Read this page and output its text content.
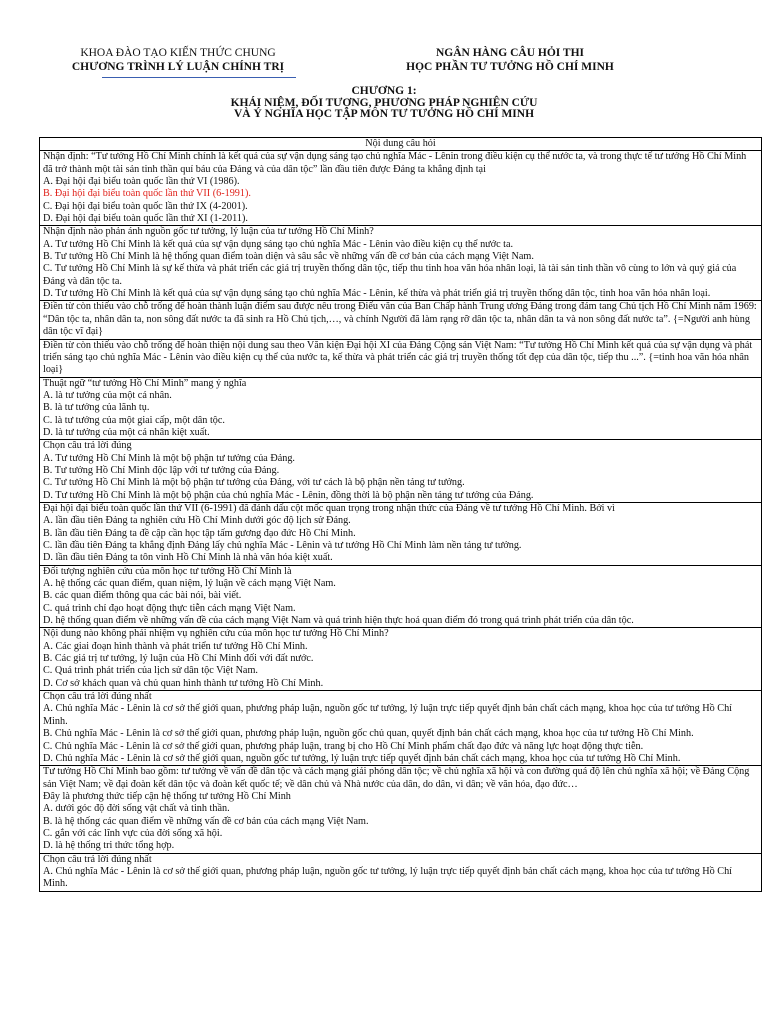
KHOA ĐÀO TẠO KIẾN THỨC CHUNG
CHƯƠNG TRÌNH LÝ LUẬN CHÍNH TRỊ
NGÂN HÀNG CÂU HỎI THI
HỌC PHẦN TƯ TƯỞNG HỒ CHÍ MINH
CHƯƠNG 1:
KHÁI NIỆM, ĐỐI TƯỢNG, PHƯƠNG PHÁP NGHIÊN CỨU
VÀ Ý NGHĨA HỌC TẬP MÔN TƯ TƯỞNG HỒ CHÍ MINH
Nội dung câu hỏi

Nhận định: “Tư tưởng Hồ Chí Minh chính là kết quả của sự vận dụng sáng tạo chủ nghĩa Mác - Lênin trong điều kiện cụ thể nước ta, và trong thực tế tư tưởng Hồ Chí Minh đã trở thành một tài sản tinh thần quí báu của Đảng và của dân tộc” lần đầu tiên được Đảng ta khẳng định tại
A. Đại hội đại biểu toàn quốc lần thứ VI (1986).
B. Đại hội đại biểu toàn quốc lần thứ VII (6-1991).
C. Đại hội đại biểu toàn quốc lần thứ IX (4-2001).
D. Đại hội đại biểu toàn quốc lần thứ XI (1-2011).

Nhận định nào phản ánh nguồn gốc tư tưởng, lý luận của tư tưởng Hồ Chí Minh?
A. Tư tưởng Hồ Chí Minh là kết quả của sự vận dụng sáng tạo chủ nghĩa Mác - Lênin vào điều kiện cụ thể nước ta.
B. Tư tưởng Hồ Chí Minh là hệ thống quan điểm toàn diện và sâu sắc về những vấn đề cơ bản của cách mạng Việt Nam.
C. Tư tưởng Hồ Chí Minh là sự kế thừa và phát triển các giá trị truyền thống dân tộc, tiếp thu tinh hoa văn hóa nhân loại, là tài sản tinh thần vô cùng to lớn và quý giá của Đảng và dân tộc ta.
D. Tư tưởng Hồ Chí Minh là kết quả của sự vận dụng sáng tạo chủ nghĩa Mác - Lênin, kế thừa và phát triển giá trị truyền thống dân tộc, tinh hoa văn hóa nhân loại.

Điền từ còn thiếu vào chỗ trống để hoàn thành luận điểm sau được nêu trong Điếu văn của Ban Chấp hành Trung ương Đảng trong đám tang Chủ tịch Hồ Chí Minh năm 1969: “Dân tộc ta, nhân dân ta, non sông đất nước ta đã sinh ra Hồ Chủ tịch,…, và chính Người đã làm rạng rỡ dân tộc ta, nhân dân ta và non sông đất nước ta”. {=Người anh hùng dân tộc vĩ đại}

Điền từ còn thiếu vào chỗ trống để hoàn thiện nội dung sau theo Văn kiện Đại hội XI của Đảng Cộng sản Việt Nam: “Tư tưởng Hồ Chí Minh kết quả của sự vận dụng và phát triển sáng tạo chủ nghĩa Mác - Lênin vào điều kiện cụ thể của nước ta, kế thừa và phát triển các giá trị truyền thống tốt đẹp của dân tộc, tiếp thu ...”. {=tinh hoa văn hóa nhân loại}

Thuật ngữ “tư tưởng Hồ Chí Minh” mang ý nghĩa
A. là tư tưởng của một cá nhân.
B. là tư tưởng của lãnh tụ.
C. là tư tưởng của một giai cấp, một dân tộc.
D. là tư tưởng của một cá nhân kiệt xuất.

Chọn câu trả lời đúng
A. Tư tưởng Hồ Chí Minh là một bộ phận tư tưởng của Đảng.
B. Tư tưởng Hồ Chí Minh độc lập với tư tưởng của Đảng.
C. Tư tưởng Hồ Chí Minh là một bộ phận tư tưởng của Đảng, với tư cách là bộ phận nền tảng tư tưởng.
D. Tư tưởng Hồ Chí Minh là một bộ phận của chủ nghĩa Mác - Lênin, đồng thời là bộ phận nền tảng tư tưởng của Đảng.

Đại hội đại biểu toàn quốc lần thứ VII (6-1991) đã đánh dấu cột mốc quan trọng trong nhận thức của Đảng về tư tưởng Hồ Chí Minh. Bởi vì
A. lần đầu tiên Đảng ta nghiên cứu Hồ Chí Minh dưới góc độ lịch sử Đảng.
B. lần đầu tiên Đảng ta đề cập cần học tập tấm gương đạo đức Hồ Chí Minh.
C. lần đầu tiên Đảng ta khẳng định Đảng lấy chủ nghĩa Mác - Lênin và tư tưởng Hồ Chí Minh làm nền tảng tư tưởng.
D. lần đầu tiên Đảng ta tôn vinh Hồ Chí Minh là nhà văn hóa kiệt xuất.

Đối tượng nghiên cứu của môn học tư tưởng Hồ Chí Minh là
A. hệ thống các quan điểm, quan niệm, lý luận về cách mạng Việt Nam.
B. các quan điểm thông qua các bài nói, bài viết.
C. quá trình chỉ đạo hoạt động thực tiễn cách mạng Việt Nam.
D. hệ thống quan điểm về những vấn đề của cách mạng Việt Nam và quá trình hiện thực hoá quan điểm đó trong quá trình phát triển của dân tộc.

Nội dung nào không phải nhiệm vụ nghiên cứu của môn học tư tưởng Hồ Chí Minh?
A. Các giai đoạn hình thành và phát triển tư tưởng Hồ Chí Minh.
B. Các giá trị tư tưởng, lý luận của Hồ Chí Minh đối với đất nước.
C. Quá trình phát triển của lịch sử dân tộc Việt Nam.
D. Cơ sở khách quan và chủ quan hình thành tư tưởng Hồ Chí Minh.

Chọn câu trả lời đúng nhất
A. Chủ nghĩa Mác - Lênin là cơ sở thế giới quan, phương pháp luận, nguồn gốc tư tưởng, lý luận trực tiếp quyết định bản chất cách mạng, khoa học của tư tưởng Hồ Chí Minh.
B. Chủ nghĩa Mác - Lênin là cơ sở thế giới quan, phương pháp luận, nguồn gốc chủ quan, quyết định bản chất cách mạng, khoa học của tư tưởng Hồ Chí Minh.
C. Chủ nghĩa Mác - Lênin là cơ sở thế giới quan, phương pháp luận, trang bị cho Hồ Chí Minh phẩm chất đạo đức và năng lực hoạt động thực tiễn.
D. Chủ nghĩa Mác - Lênin là cơ sở thế giới quan, nguồn gốc tư tưởng, lý luận trực tiếp quyết định bản chất cách mạng, khoa học của tư tưởng Hồ Chí Minh.

Tư tưởng Hồ Chí Minh bao gồm: tư tưởng về vấn đề dân tộc và cách mạng giải phóng dân tộc; về chủ nghĩa xã hội và con đường quá độ lên chủ nghĩa xã hội; về Đảng Cộng sản Việt Nam; về đại đoàn kết dân tộc và đoàn kết quốc tế; về dân chủ và Nhà nước của dân, do dân, vì dân; về văn hóa, đạo đức…
Đây là phương thức tiếp cận hệ thống tư tưởng Hồ Chí Minh
A. dưới góc độ đời sống vật chất và tinh thần.
B. là hệ thống các quan điểm về những vấn đề cơ bản của cách mạng Việt Nam.
C. gắn với các lĩnh vực của đời sống xã hội.
D. là hệ thống tri thức tổng hợp.

Chọn câu trả lời đúng nhất
A. Chủ nghĩa Mác - Lênin là cơ sở thế giới quan, phương pháp luận, nguồn gốc tư tưởng, lý luận trực tiếp quyết định bản chất cách mạng, khoa học của tư tưởng Hồ Chí Minh.
